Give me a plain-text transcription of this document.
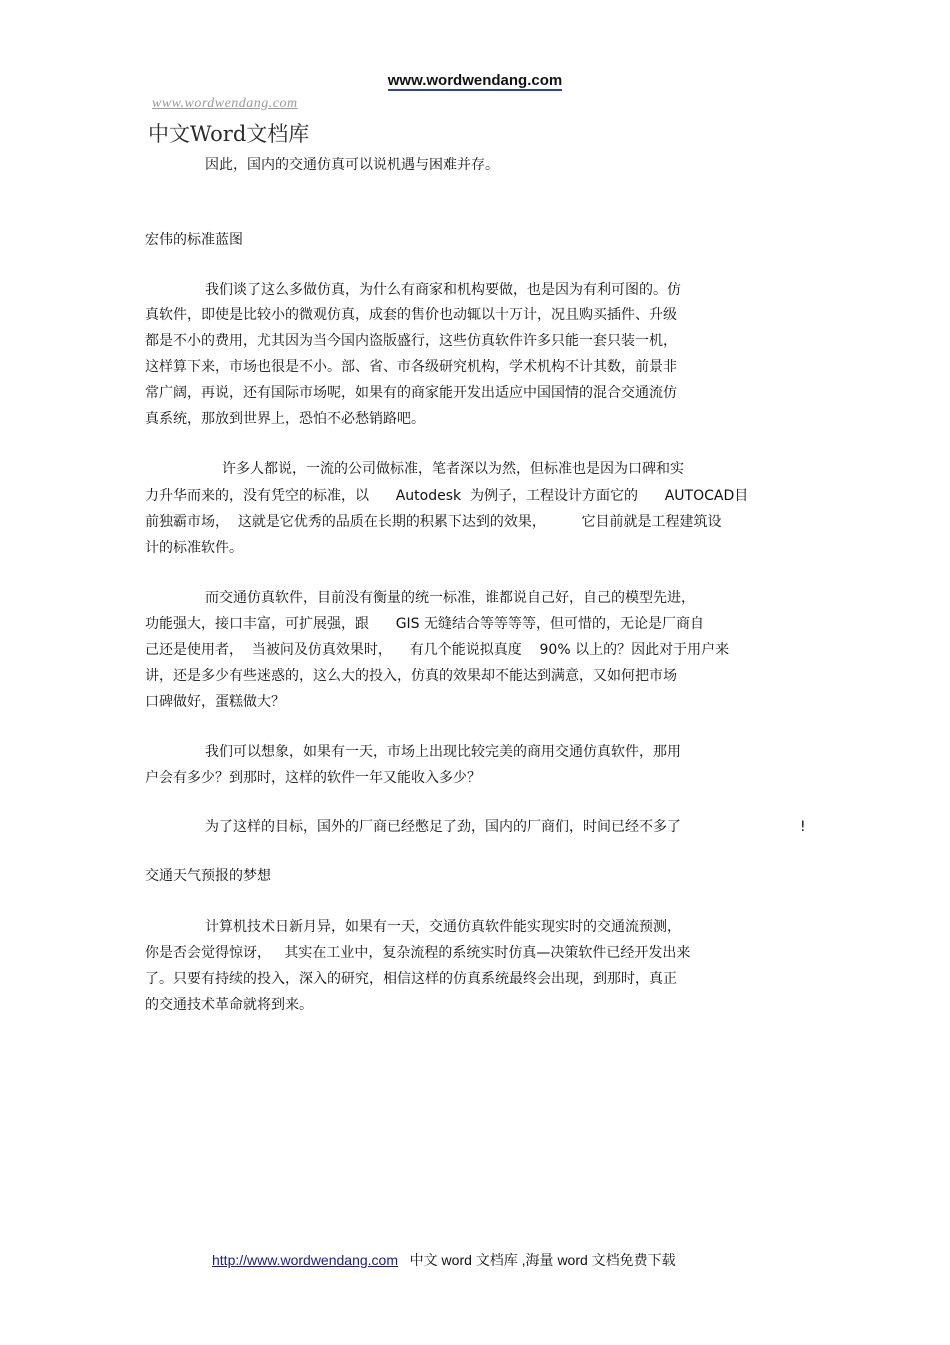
www.wordwendang.com
www.wordwendang.com
中文Word文档库
因此，国内的交通仿真可以说机遇与困难并存。
宏伟的标准蓝图
我们谈了这么多做仿真，为什么有商家和机构要做，也是因为有利可图的。仿
真软件，即使是比较小的微观仿真，成套的售价也动辄以十万计，况且购买插件、升级
都是不小的费用，尤其因为当今国内盗版盛行，这些仿真软件许多只能一套只装一机，
这样算下来，市场也很是不小。部、省、市各级研究机构，学术机构不计其数，前景非
常广阔，再说，还有国际市场呢，如果有的商家能开发出适应中国国情的混合交通流仿
真系统，那放到世界上，恐怕不必愁销路吧。
许多人都说，一流的公司做标准，笔者深以为然，但标准也是因为口碑和实
力升华而来的，没有凭空的标准，以      Autodesk  为例子，工程设计方面它的      AUTOCAD目
前独霸市场，  这就是它优秀的品质在长期的积累下达到的效果，        它目前就是工程建筑设
计的标准软件。
而交通仿真软件，目前没有衡量的统一标准，谁都说自己好，自己的模型先进，
功能强大，接口丰富，可扩展强，跟      GIS 无缝结合等等等等，但可惜的，无论是厂商自
己还是使用者，  当被问及仿真效果时，    有几个能说拟真度    90% 以上的？因此对于用户来
讲，还是多少有些迷惑的，这么大的投入，仿真的效果却不能达到满意，又如何把市场
口碑做好，蛋糕做大？
我们可以想象，如果有一天，市场上出现比较完美的商用交通仿真软件，那用
户会有多少？到那时，这样的软件一年又能收入多少？
为了这样的目标，国外的厂商已经憋足了劲，国内的厂商们，时间已经不多了	!
交通天气预报的梦想
计算机技术日新月异，如果有一天，交通仿真软件能实现实时的交通流预测，
你是否会觉得惊讶，   其实在工业中，复杂流程的系统实时仿真—决策软件已经开发出来
了。只要有持续的投入，深入的研究，相信这样的仿真系统最终会出现，到那时，真正
的交通技术革命就将到来。
http://www.wordwendang.com 中文 word 文档库 ,海量 word 文档免费下载
